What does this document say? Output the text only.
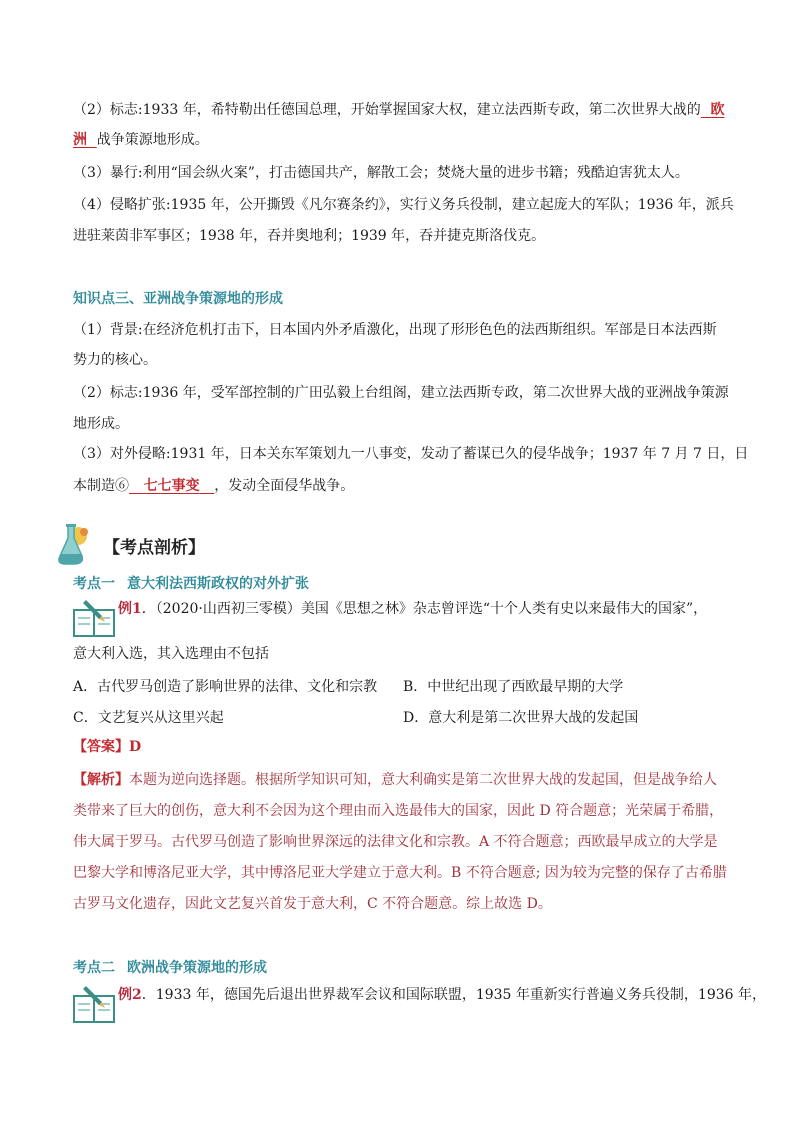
（2）标志:1933 年，希特勒出任德国总理，开始掌握国家大权，建立法西斯专政，第二次世界大战的 欧
洲 战争策源地形成。
（3）暴行:利用“国会纵火案”，打击德国共产，解散工会；焚烧大量的进步书籍；残酷迫害犹太人。
（4）侵略扩张:1935 年，公开撕毁《凡尔赛条约》，实行义务兵役制，建立起庞大的军队；1936 年，派兵
进驻莱茵非军事区；1938 年，吞并奥地利；1939 年，吞并捷克斯洛伐克。
知识点三、亚洲战争策源地的形成
（1）背景:在经济危机打击下，日本国内外矛盾激化，出现了形形色色的法西斯组织。军部是日本法西斯
势力的核心。
（2）标志:1936 年，受军部控制的广田弘毅上台组阁，建立法西斯专政，第二次世界大战的亚洲战争策源
地形成。
（3）对外侵略:1931 年，日本关东军策划九一八事变，发动了蓄谋已久的侵华战争；1937 年 7 月 7 日，日
本制造⑥ 七七事变 ，发动全面侵华战争。
【考点剖析】
考点一 意大利法西斯政权的对外扩张
例1．（2020·山西初三零模）美国《思想之林》杂志曾评选“十个人类有史以来最伟大的国家”，
意大利入选，其入选理由不包括
A．古代罗马创造了影响世界的法律、文化和宗教 B．中世纪出现了西欧最早期的大学
C．文艺复兴从这里兴起	D．意大利是第二次世界大战的发起国
【答案】D
【解析】本题为逆向选择题。根据所学知识可知，意大利确实是第二次世界大战的发起国，但是战争给人
类带来了巨大的创伤，意大利不会因为这个理由而入选最伟大的国家，因此 D 符合题意；光荣属于希腊，
伟大属于罗马。古代罗马创造了影响世界深远的法律文化和宗教。A 不符合题意；西欧最早成立的大学是
巴黎大学和博洛尼亚大学，其中博洛尼亚大学建立于意大利。B 不符合题意; 因为较为完整的保存了古希腊
古罗马文化遗存，因此文艺复兴首发于意大利，C 不符合题意。综上故选 D。
考点二 欧洲战争策源地的形成
例2．1933 年，德国先后退出世界裁军会议和国际联盟，1935 年重新实行普遍义务兵役制，1936 年，
